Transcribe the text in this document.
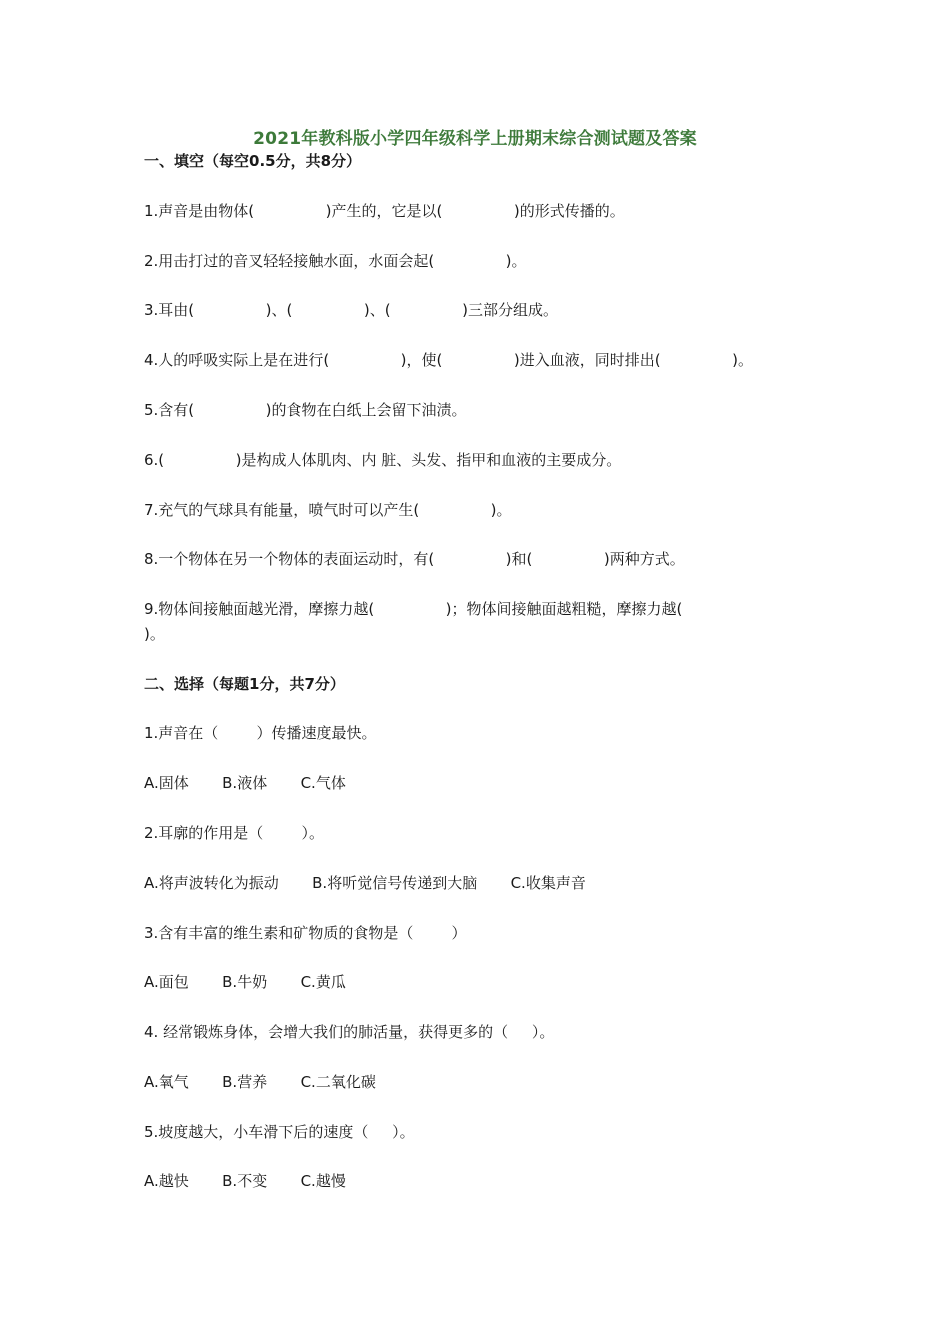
2021年教科版小学四年级科学上册期末综合测试题及答案
一、填空（每空0.5分，共8分）
1.声音是由物体(               )产生的，它是以(               )的形式传播的。
2.用击打过的音叉轻轻接触水面，水面会起(               )。
3.耳由(               )、(               )、(               )三部分组成。
4.人的呼吸实际上是在进行(               )，使(               )进入血液，同时排出(               )。
5.含有(               )的食物在白纸上会留下油渍。
6.(               )是构成人体肌肉、内 脏、头发、指甲和血液的主要成分。
7.充气的气球具有能量，喷气时可以产生(               )。
8.一个物体在另一个物体的表面运动时，有(               )和(               )两种方式。
9.物体间接触面越光滑，摩擦力越(               )；物体间接触面越粗糙，摩擦力越(
)。
二、选择（每题1分，共7分）
1.声音在（        ）传播速度最快。
A.固体       B.液体       C.气体
2.耳廓的作用是（        ）。
A.将声波转化为振动       B.将听觉信号传递到大脑       C.收集声音
3.含有丰富的维生素和矿物质的食物是（        ）
A.面包       B.牛奶       C.黄瓜
4. 经常锻炼身体，会增大我们的肺活量，获得更多的（     ）。
A.氧气       B.营养       C.二氧化碳
5.坡度越大，小车滑下后的速度（     ）。
A.越快       B.不变       C.越慢
